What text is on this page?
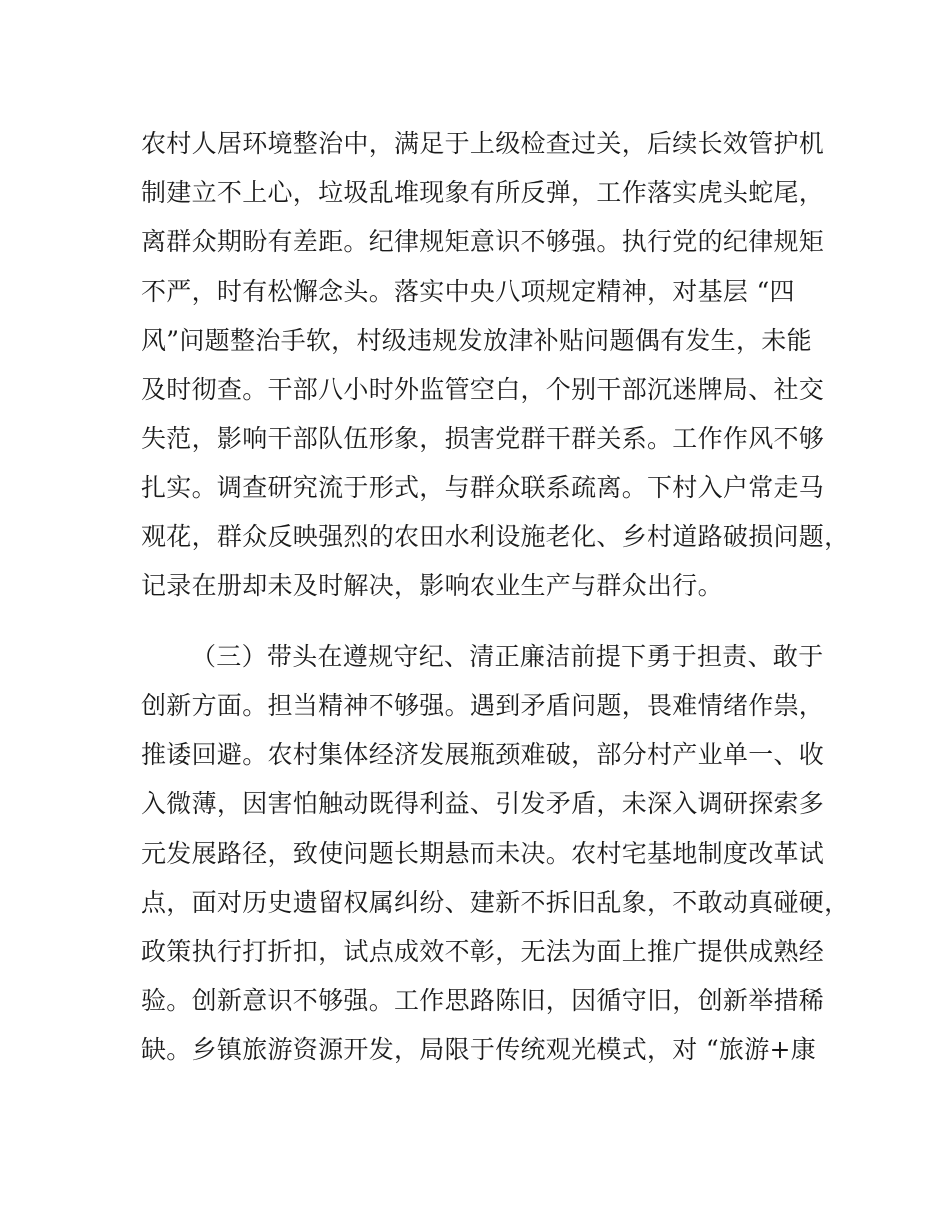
农村人居环境整治中，满足于上级检查过关，后续长效管护机
制建立不上心，垃圾乱堆现象有所反弹，工作落实虎头蛇尾，
离群众期盼有差距。纪律规矩意识不够强。执行党的纪律规矩
不严，时有松懈念头。落实中央八项规定精神，对基层 “四
风”问题整治手软，村级违规发放津补贴问题偶有发生，未能
及时彻查。干部八小时外监管空白，个别干部沉迷牌局、社交
失范，影响干部队伍形象，损害党群干群关系。工作作风不够
扎实。调查研究流于形式，与群众联系疏离。下村入户常走马
观花，群众反映强烈的农田水利设施老化、乡村道路破损问题，
记录在册却未及时解决，影响农业生产与群众出行。
（三）带头在遵规守纪、清正廉洁前提下勇于担责、敢于
创新方面。担当精神不够强。遇到矛盾问题，畏难情绪作祟，
推诿回避。农村集体经济发展瓶颈难破，部分村产业单一、收
入微薄，因害怕触动既得利益、引发矛盾，未深入调研探索多
元发展路径，致使问题长期悬而未决。农村宅基地制度改革试
点，面对历史遗留权属纠纷、建新不拆旧乱象，不敢动真碰硬，
政策执行打折扣，试点成效不彰，无法为面上推广提供成熟经
验。创新意识不够强。工作思路陈旧，因循守旧，创新举措稀
缺。乡镇旅游资源开发，局限于传统观光模式，对 “旅游+康
